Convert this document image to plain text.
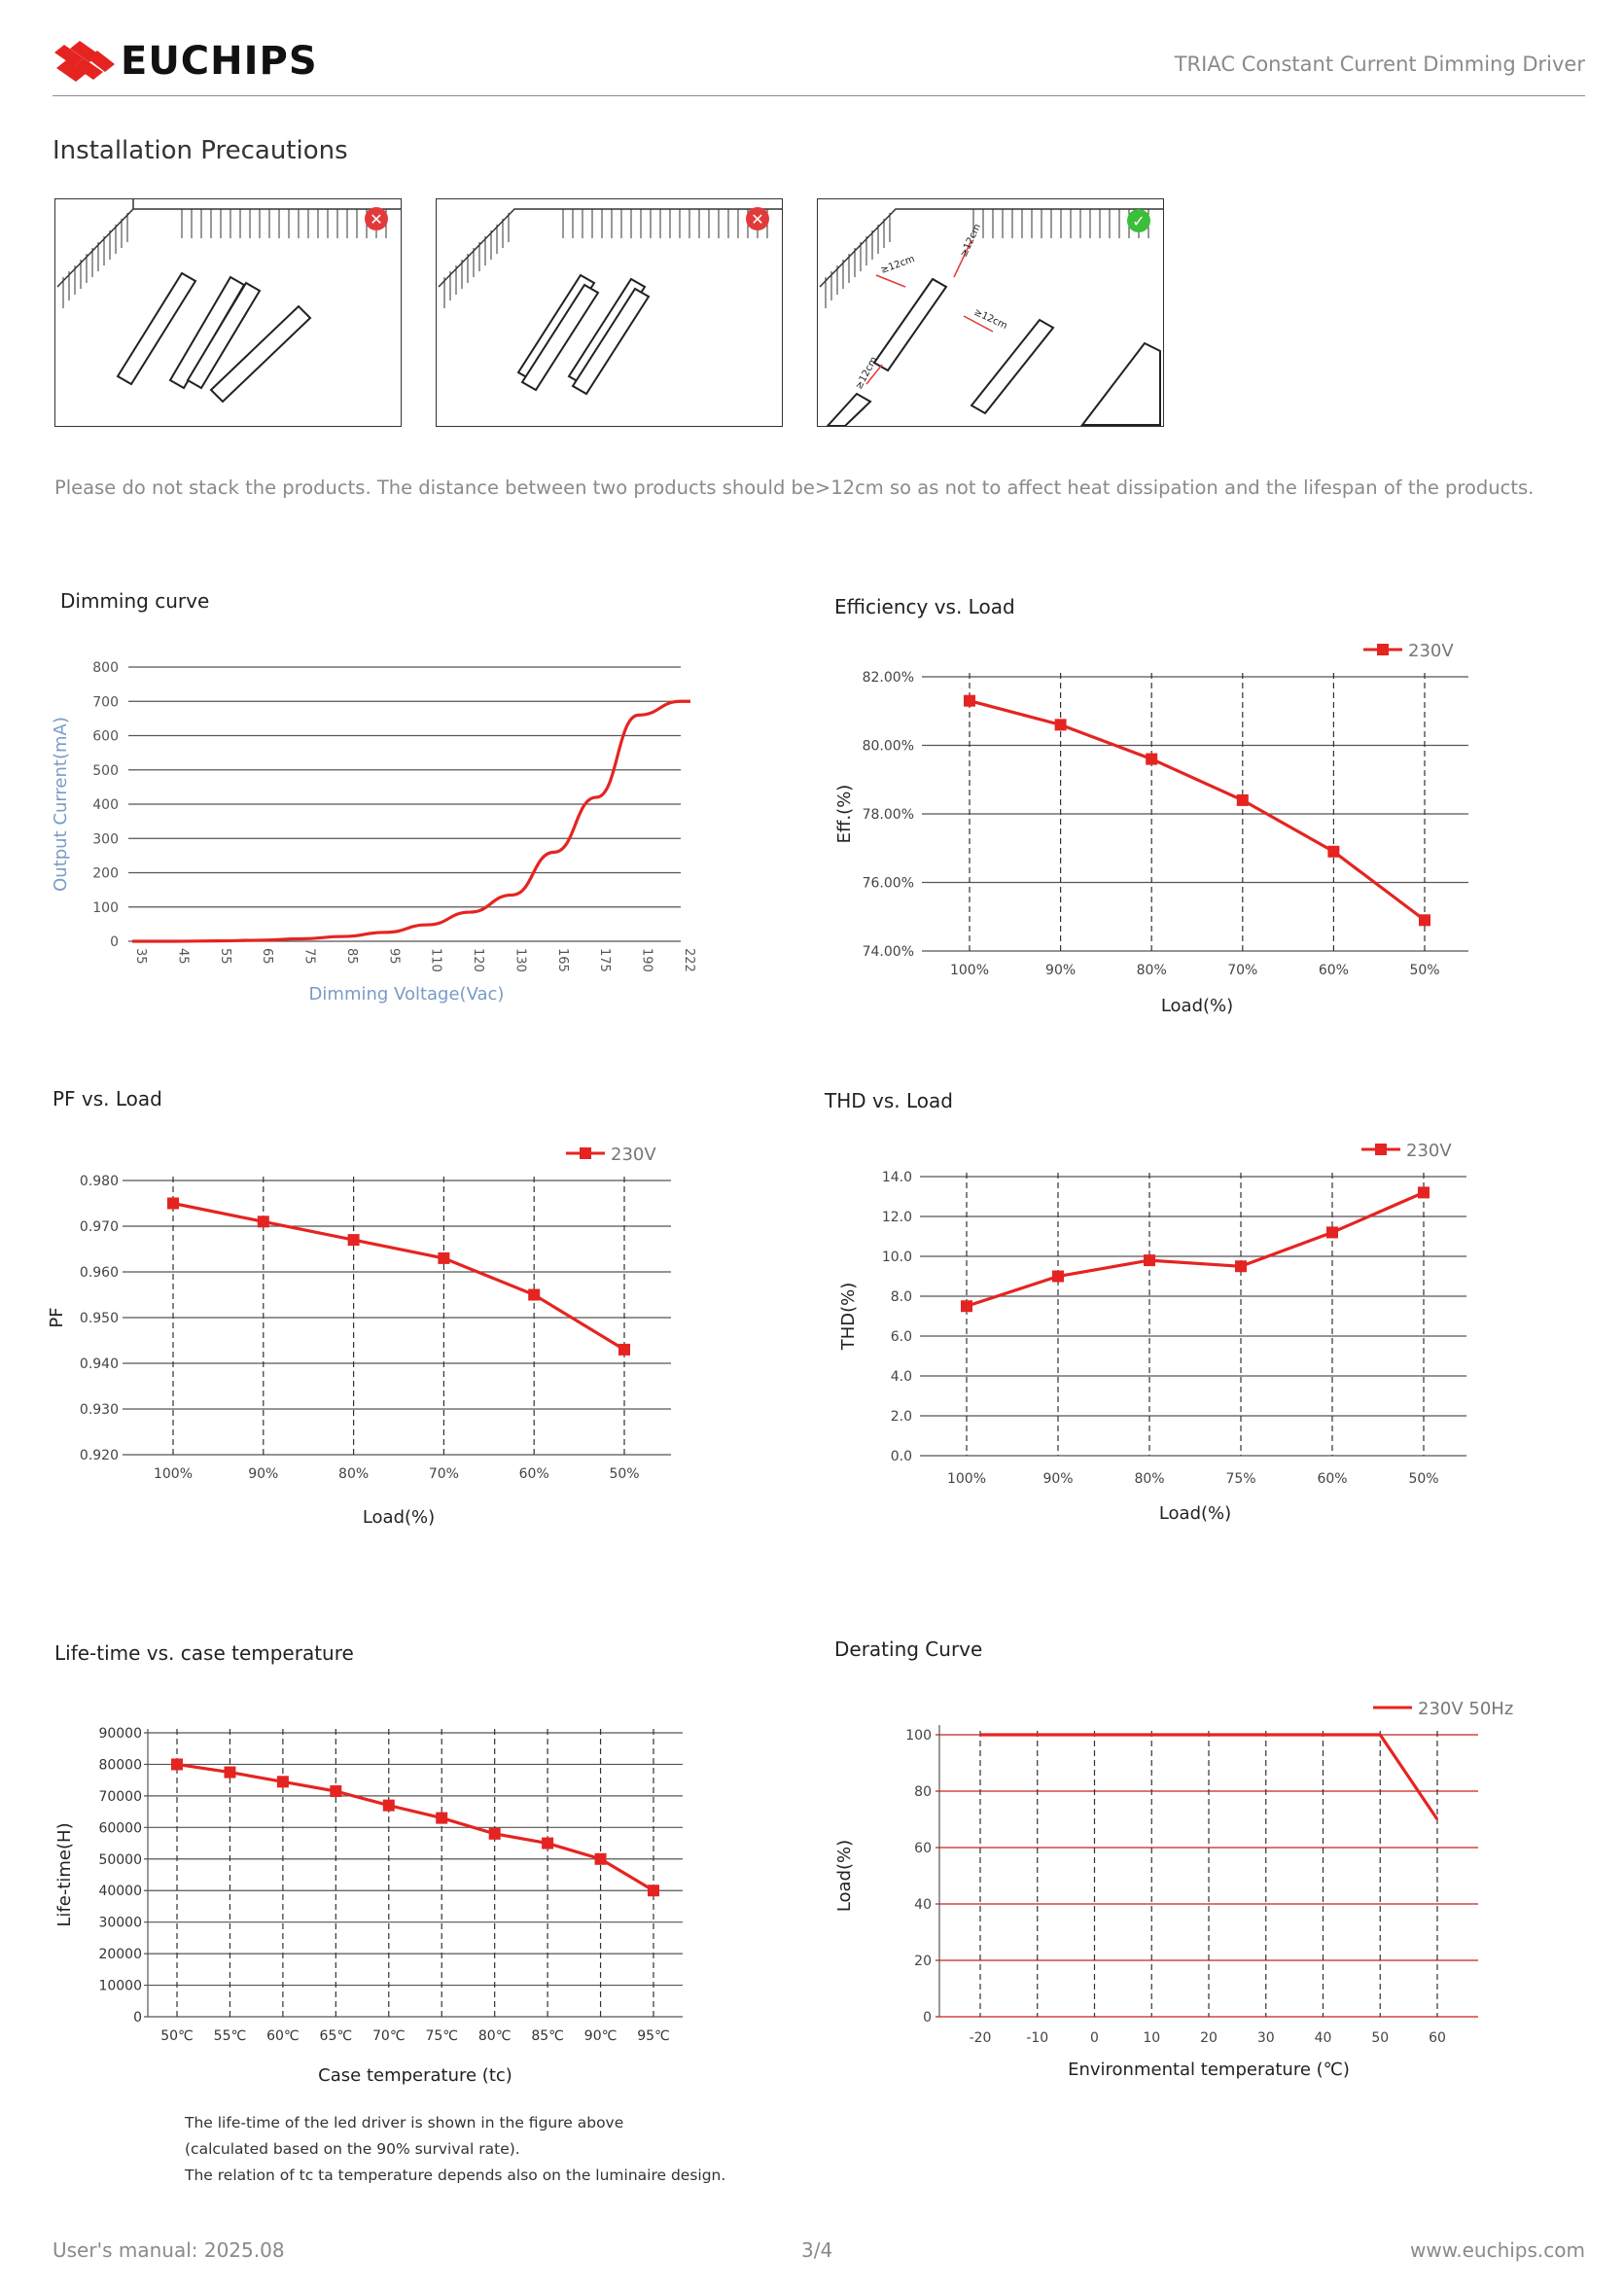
EUCHIPS	TRIAC Constant Current Dimming Driver
Installation Precautions
✕	✕
≥12cm
≥12cm
≥12cm
≥12cm
✓
Please do not stack the products. The distance between two products should be>12cm so as not to affect heat dissipation and the lifespan of the products.
Dimming curve	Efficiency vs. Load
PF vs. Load	THD vs. Load
Life-time vs. case temperature	Derating Curve
0
100
200
300
400
500
600
700
800
35 45 55 65 75 85 95 110 120 130 165 175 190 222
Dimming Voltage(Vac)
Output Current(mA)
74.00%
76.00%
78.00%
80.00%
82.00%
100%	90%	80%	70%	60%	50%
230V
Load(%)
Eff.(%)
0.920
0.930
0.940
0.950
0.960
0.970
0.980
100%	90%	80%	70%	60%	50%
230V
Load(%)
PF
0.0
2.0
4.0
6.0
8.0
10.0
12.0
14.0
100%	90%	80%	75%	60%	50%
230V
Load(%)
THD(%)
0
10000
20000
30000
40000
50000
60000
70000
80000
90000
50℃ 55℃ 60℃ 65℃ 70℃ 75℃ 80℃ 85℃ 90℃ 95℃
Case temperature (tc)
Life-time(H)
0
20
40
60
80
100
-20	-10	0	10	20	30	40	50	60
230V 50Hz
Environmental temperature (℃)
Load(%)
The life-time of the led driver is shown in the figure above
(calculated based on the 90% survival rate).
The relation of tc ta temperature depends also on the luminaire design.
User's manual: 2025.08	3/4	www.euchips.com
